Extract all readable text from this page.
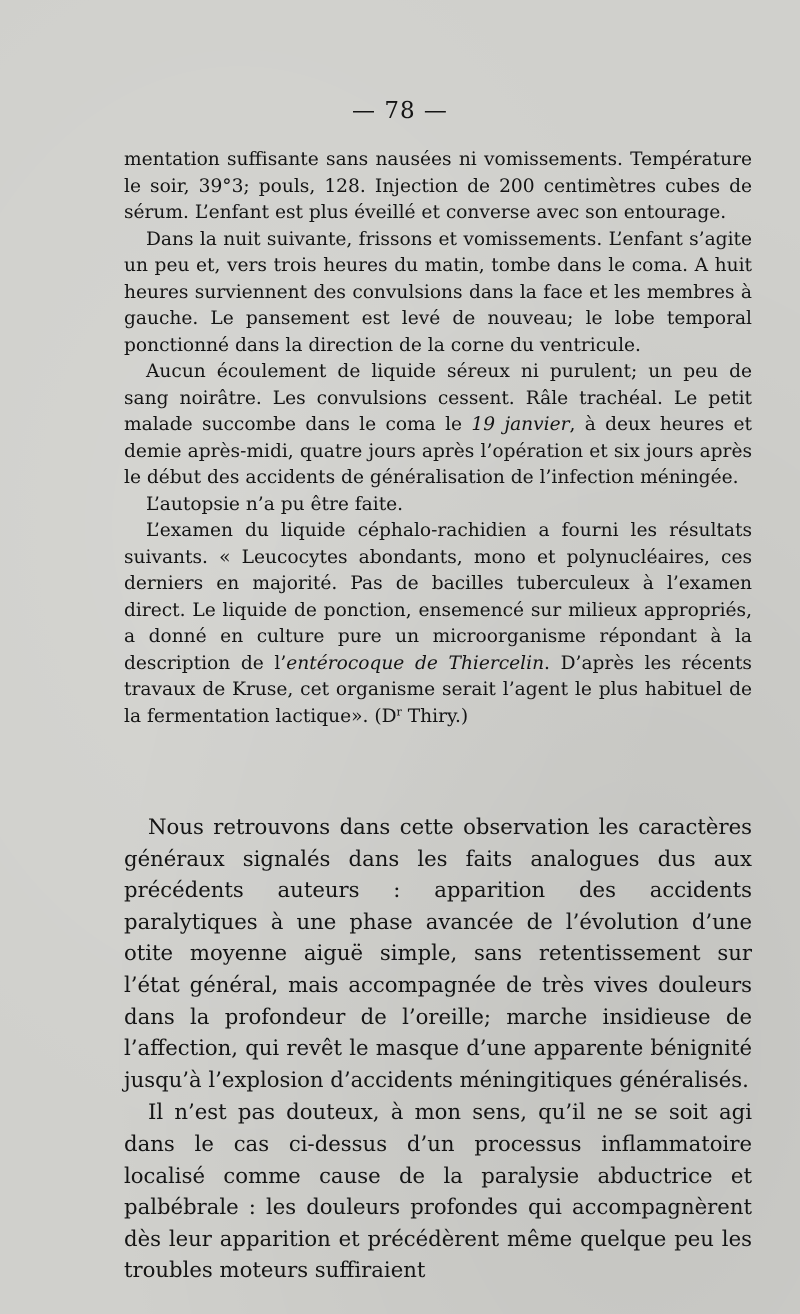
— 78 —

mentation suffisante sans nausées ni vomissements. Température le soir, 39°3; pouls, 128. Injection de 200 centimètres cubes de sérum. L’enfant est plus éveillé et converse avec son entourage.

Dans la nuit suivante, frissons et vomissements. L’enfant s’agite un peu et, vers trois heures du matin, tombe dans le coma. A huit heures surviennent des convulsions dans la face et les membres à gauche. Le pansement est levé de nouveau; le lobe temporal ponctionné dans la direction de la corne du ventricule.

Aucun écoulement de liquide séreux ni purulent; un peu de sang noirâtre. Les convulsions cessent. Râle trachéal. Le petit malade succombe dans le coma le 19 janvier, à deux heures et demie après-midi, quatre jours après l’opération et six jours après le début des accidents de généralisation de l’infection méningée.

L’autopsie n’a pu être faite.

L’examen du liquide céphalo-rachidien a fourni les résultats suivants. « Leucocytes abondants, mono et polynucléaires, ces derniers en majorité. Pas de bacilles tuberculeux à l’examen direct. Le liquide de ponction, ensemencé sur milieux appropriés, a donné en culture pure un microorganisme répondant à la description de l’entérocoque de Thiercelin. D’après les récents travaux de Kruse, cet organisme serait l’agent le plus habituel de la fermentation lactique». ($D^r$ Thiry.)

Nous retrouvons dans cette observation les caractères généraux signalés dans les faits analogues dus aux précédents auteurs : apparition des accidents paralytiques à une phase avancée de l’évolution d’une otite moyenne aiguë simple, sans retentissement sur l’état général, mais accompagnée de très vives douleurs dans la profondeur de l’oreille; marche insidieuse de l’affection, qui revêt le masque d’une apparente bénignité jusqu’à l’explosion d’accidents méningitiques généralisés.

Il n’est pas douteux, à mon sens, qu’il ne se soit agi dans le cas ci-dessus d’un processus inflammatoire localisé comme cause de la paralysie abductrice et palbébrale : les douleurs profondes qui accompagnèrent dès leur apparition et précédèrent même quelque peu les troubles moteurs suffiraient
